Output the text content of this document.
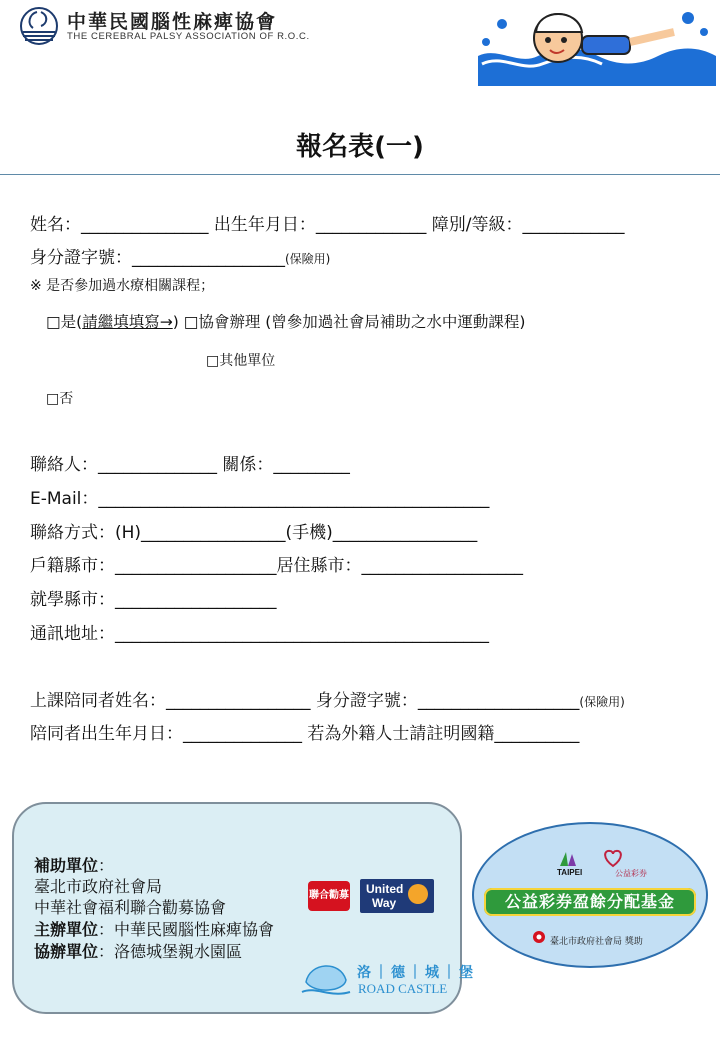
中華民國腦性麻痺協會
THE CEREBRAL PALSY ASSOCIATION OF R.O.C.
報名表(一)
姓名：_______________ 出生年月日：_____________ 障別/等級：____________
身分證字號：__________________(保險用)
※ 是否參加過水療相關課程；
□是(請繼填填寫→) □協會辦理 (曾參加過社會局補助之水中運動課程)
□其他單位
□否
聯絡人：______________ 關係：_________
E-Mail：______________________________________________
聯絡方式：(H)_________________(手機)_________________
戶籍縣市：___________________居住縣市：___________________
就學縣市：___________________
通訊地址：____________________________________________
上課陪同者姓名：_________________ 身分證字號：___________________(保險用)
陪同者出生年月日：______________ 若為外籍人士請註明國籍__________
補助單位：
臺北市政府社會局
中華社會福利聯合勸募協會
主辦單位：中華民國腦性麻痺協會
協辦單位：洛德城堡親水園區
聯合勸募	United
Way
洛｜德｜城｜堡
ROAD CASTLE
TAIPEI	公益彩券
公益彩券盈餘分配基金
臺北市政府社會局 獎助
